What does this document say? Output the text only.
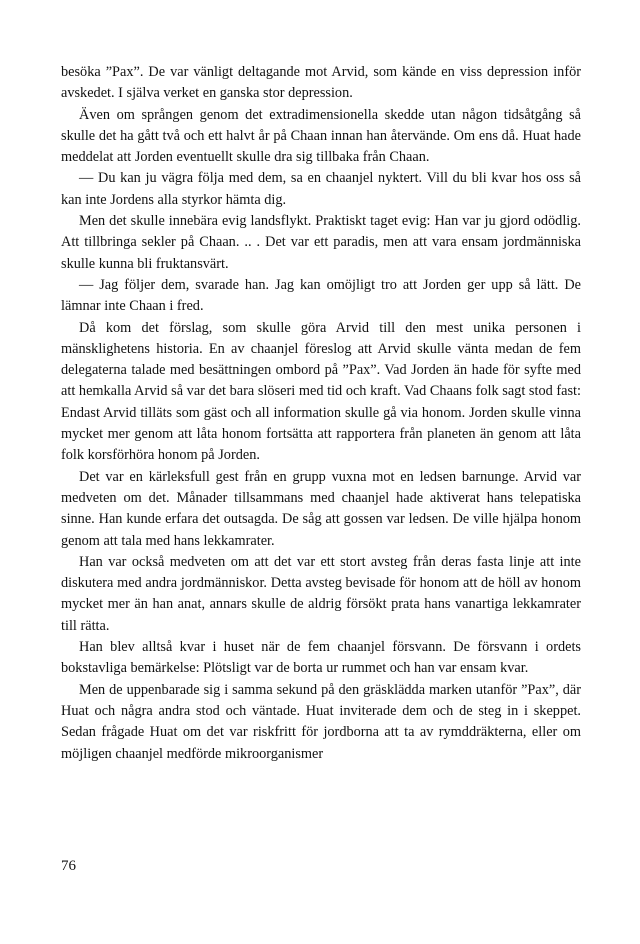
besöka ”Pax”. De var vänligt deltagande mot Arvid, som kände en viss depression inför avskedet. I själva verket en ganska stor depression.

Även om sprången genom det extradimensionella skedde utan någon tidsåtgång så skulle det ha gått två och ett halvt år på Chaan innan han återvände. Om ens då. Huat hade meddelat att Jorden eventuellt skulle dra sig tillbaka från Chaan.

— Du kan ju vägra följa med dem, sa en chaanjel nyktert. Vill du bli kvar hos oss så kan inte Jordens alla styrkor hämta dig.

Men det skulle innebära evig landsflykt. Praktiskt taget evig: Han var ju gjord odödlig. Att tillbringa sekler på Chaan. .. . Det var ett paradis, men att vara ensam jordmänniska skulle kunna bli fruktansvärt.

— Jag följer dem, svarade han. Jag kan omöjligt tro att Jorden ger upp så lätt. De lämnar inte Chaan i fred.

Då kom det förslag, som skulle göra Arvid till den mest unika personen i mänsklighetens historia. En av chaanjel föreslog att Arvid skulle vänta medan de fem delegaterna talade med besättningen ombord på ”Pax”. Vad Jorden än hade för syfte med att hemkalla Arvid så var det bara slöseri med tid och kraft. Vad Chaans folk sagt stod fast: Endast Arvid tilläts som gäst och all information skulle gå via honom. Jorden skulle vinna mycket mer genom att låta honom fortsätta att rapportera från planeten än genom att låta folk korsförhöra honom på Jorden.

Det var en kärleksfull gest från en grupp vuxna mot en ledsen barnunge. Arvid var medveten om det. Månader tillsammans med chaanjel hade aktiverat hans telepatiska sinne. Han kunde erfara det outsagda. De såg att gossen var ledsen. De ville hjälpa honom genom att tala med hans lekkamrater.

Han var också medveten om att det var ett stort avsteg från deras fasta linje att inte diskutera med andra jordmänniskor. Detta avsteg bevisade för honom att de höll av honom mycket mer än han anat, annars skulle de aldrig försökt prata hans vanartiga lekkamrater till rätta.

Han blev alltså kvar i huset när de fem chaanjel försvann. De försvann i ordets bokstavliga bemärkelse: Plötsligt var de borta ur rummet och han var ensam kvar.

Men de uppenbarade sig i samma sekund på den gräsklädda marken utanför ”Pax”, där Huat och några andra stod och väntade. Huat inviterade dem och de steg in i skeppet. Sedan frågade Huat om det var riskfritt för jordborna att ta av rymddräkterna, eller om möjligen chaanjel medförde mikroorganismer

76
